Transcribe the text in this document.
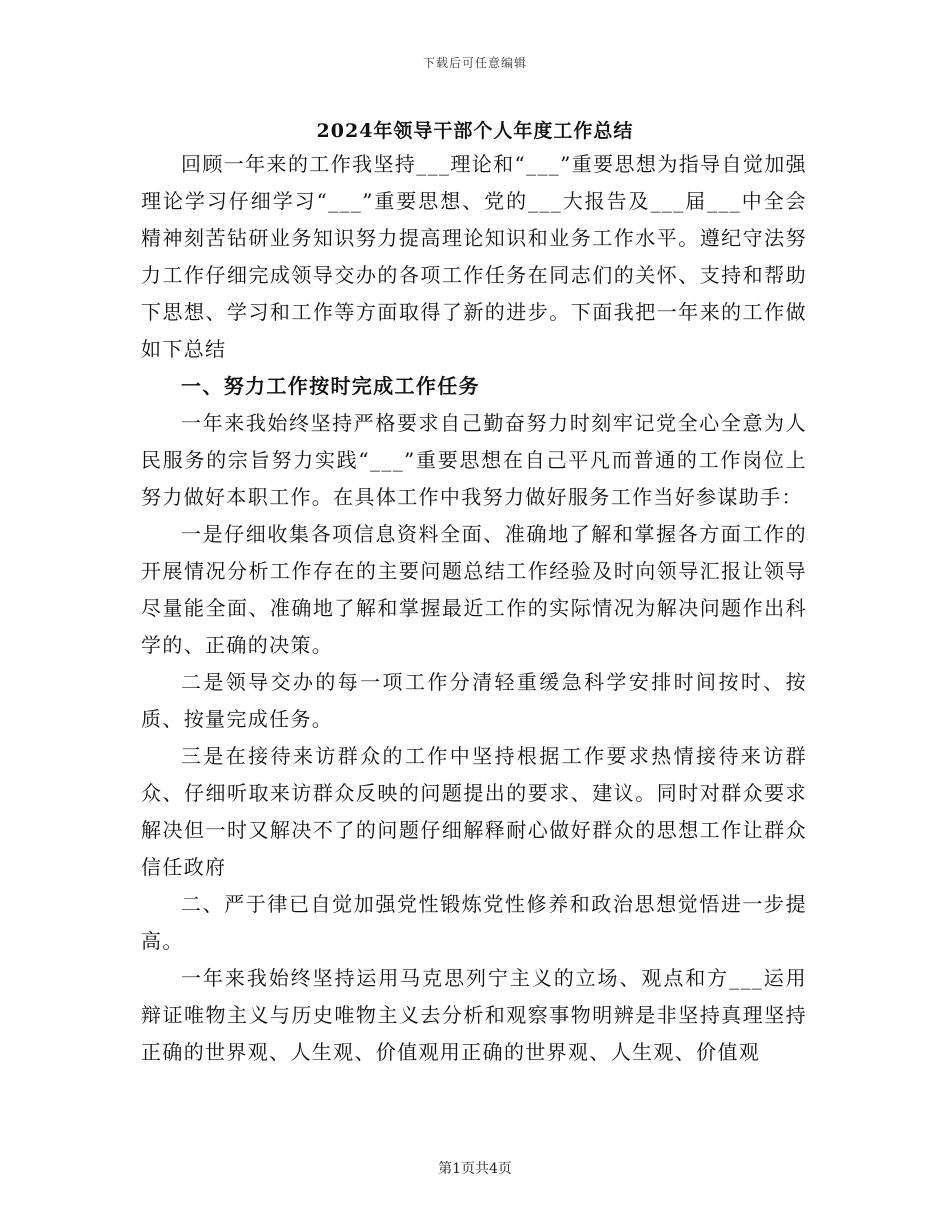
下载后可任意编辑
2024年领导干部个人年度工作总结

回顾一年来的工作我坚持___理论和“___”重要思想为指导自觉加强理论学习仔细学习“___”重要思想、党的___大报告及___届___中全会精神刻苦钻研业务知识努力提高理论知识和业务工作水平。遵纪守法努力工作仔细完成领导交办的各项工作任务在同志们的关怀、支持和帮助下思想、学习和工作等方面取得了新的进步。下面我把一年来的工作做如下总结

一、努力工作按时完成工作任务

一年来我始终坚持严格要求自己勤奋努力时刻牢记党全心全意为人民服务的宗旨努力实践“___”重要思想在自己平凡而普通的工作岗位上努力做好本职工作。在具体工作中我努力做好服务工作当好参谋助手：

一是仔细收集各项信息资料全面、准确地了解和掌握各方面工作的开展情况分析工作存在的主要问题总结工作经验及时向领导汇报让领导尽量能全面、准确地了解和掌握最近工作的实际情况为解决问题作出科学的、正确的决策。

二是领导交办的每一项工作分清轻重缓急科学安排时间按时、按质、按量完成任务。

三是在接待来访群众的工作中坚持根据工作要求热情接待来访群众、仔细听取来访群众反映的问题提出的要求、建议。同时对群众要求解决但一时又解决不了的问题仔细解释耐心做好群众的思想工作让群众信任政府

二、严于律已自觉加强党性锻炼党性修养和政治思想觉悟进一步提高。

一年来我始终坚持运用马克思列宁主义的立场、观点和方___运用辩证唯物主义与历史唯物主义去分析和观察事物明辨是非坚持真理坚持正确的世界观、人生观、价值观用正确的世界观、人生观、价值观

第1页共4页
